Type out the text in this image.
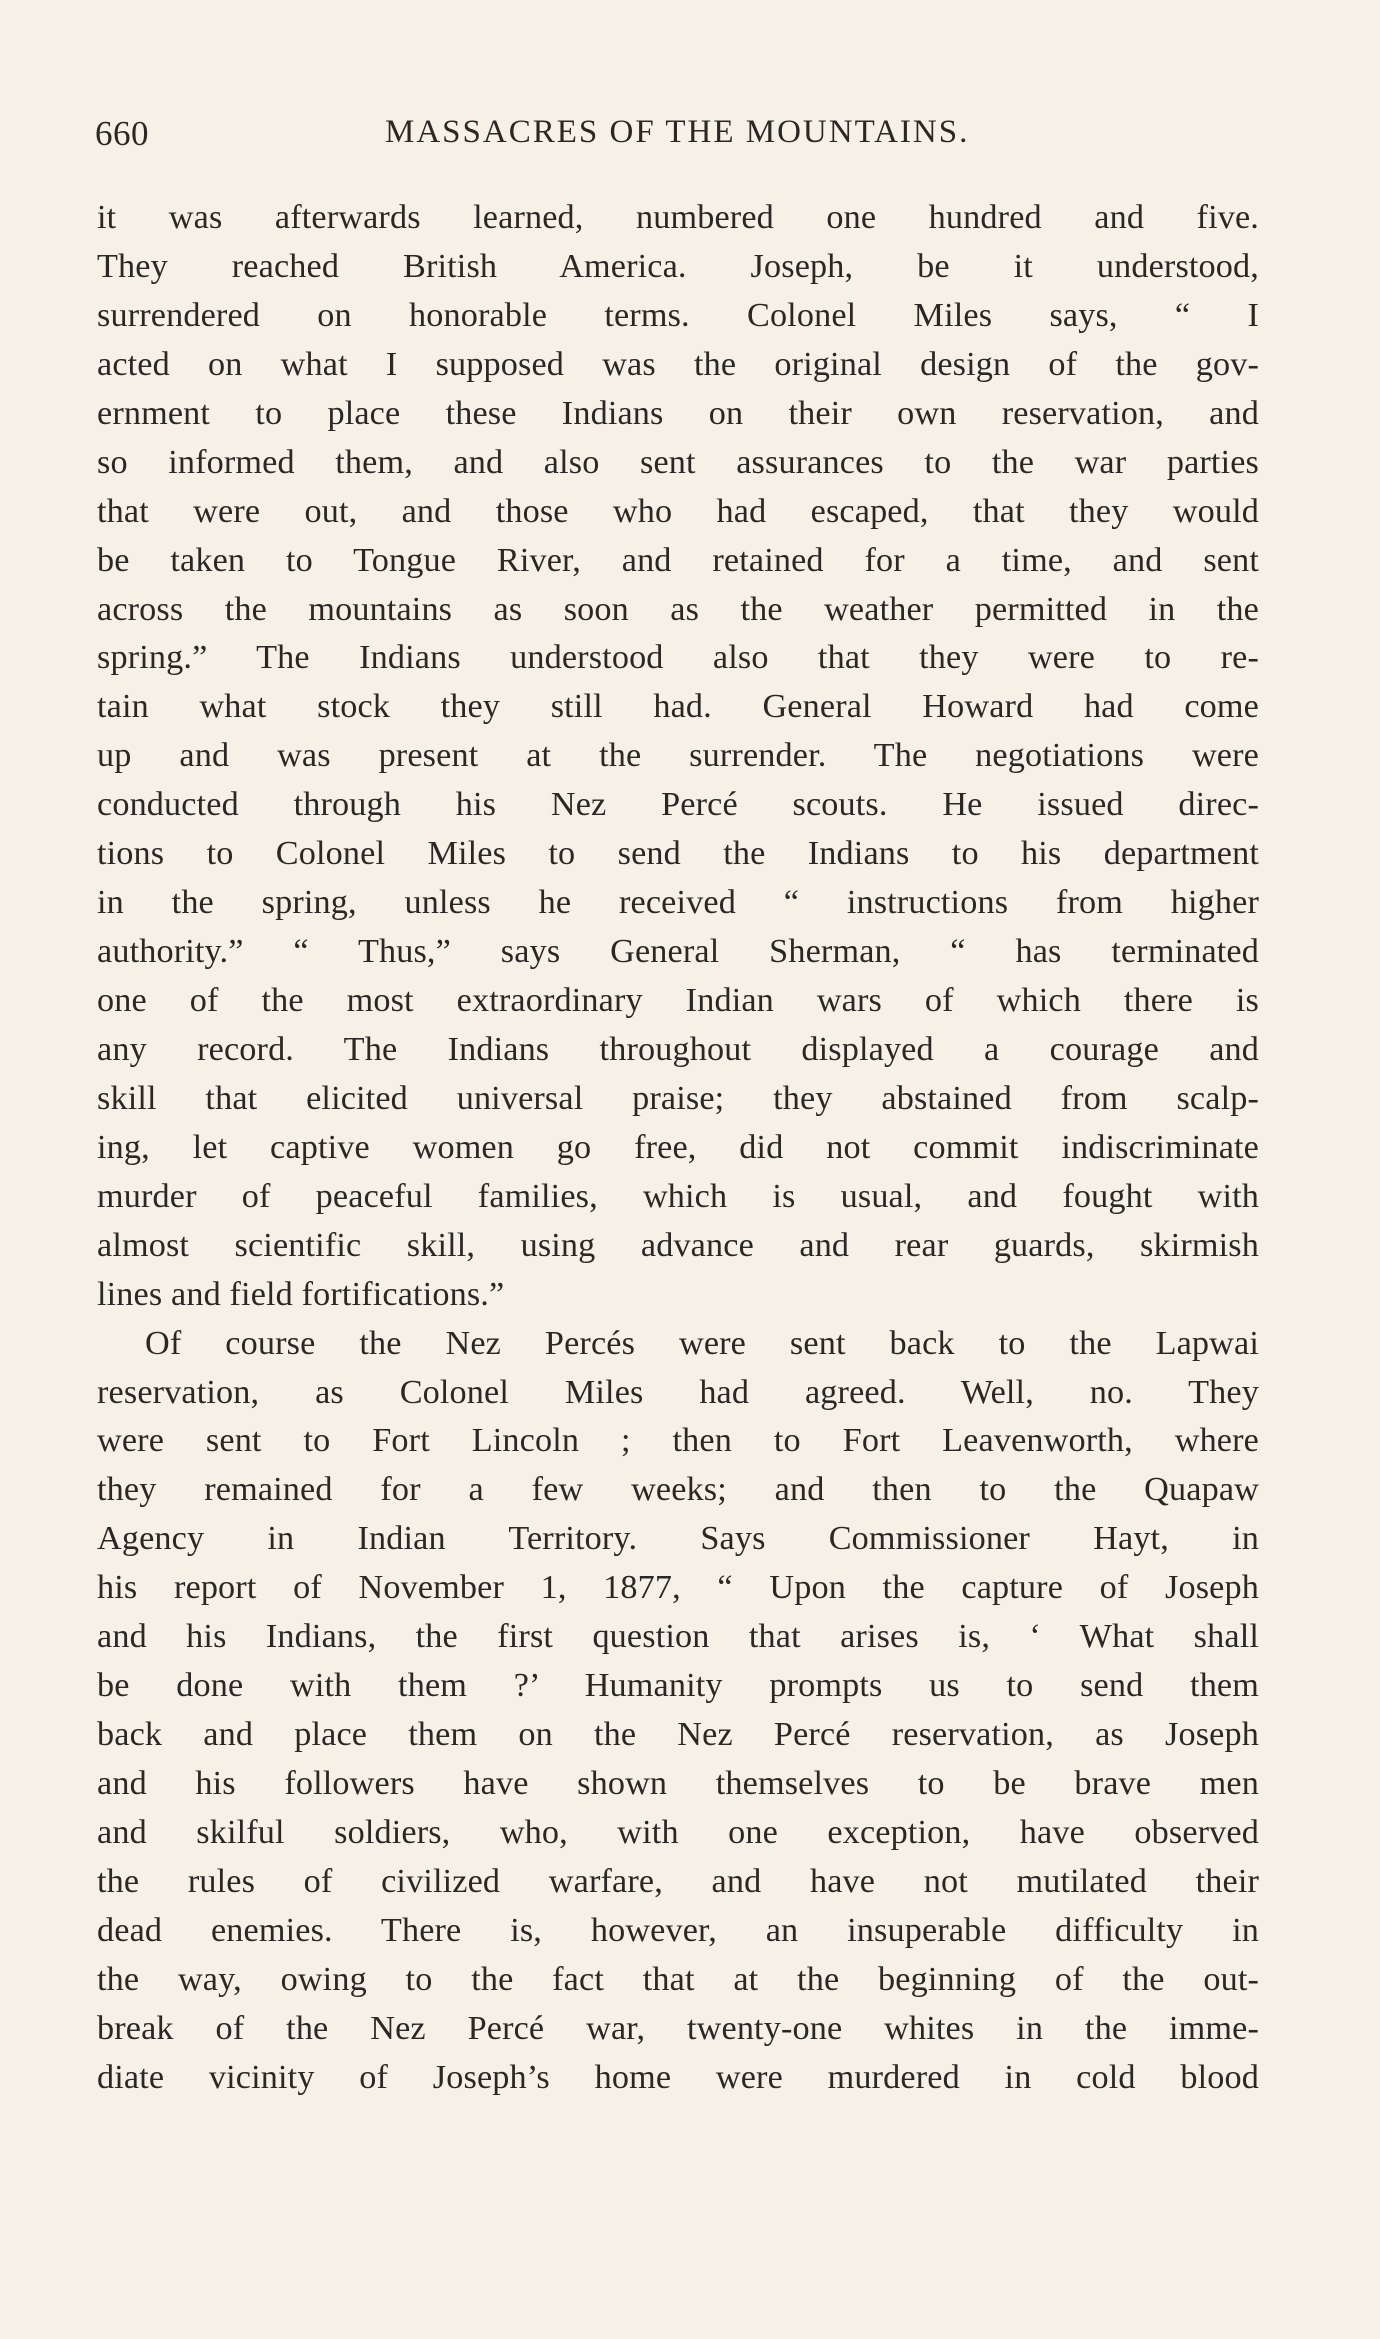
660	MASSACRES OF THE MOUNTAINS.
it was afterwards learned, numbered one hundred and five.
They reached British America. Joseph, be it understood,
surrendered on honorable terms. Colonel Miles says, “ I
acted on what I supposed was the original design of the gov-
ernment to place these Indians on their own reservation, and
so informed them, and also sent assurances to the war parties
that were out, and those who had escaped, that they would
be taken to Tongue River, and retained for a time, and sent
across the mountains as soon as the weather permitted in the
spring.” The Indians understood also that they were to re-
tain what stock they still had. General Howard had come
up and was present at the surrender. The negotiations were
conducted through his Nez Percé scouts. He issued direc-
tions to Colonel Miles to send the Indians to his department
in the spring, unless he received “ instructions from higher
authority.” “ Thus,” says General Sherman, “ has terminated
one of the most extraordinary Indian wars of which there is
any record. The Indians throughout displayed a courage and
skill that elicited universal praise; they abstained from scalp-
ing, let captive women go free, did not commit indiscriminate
murder of peaceful families, which is usual, and fought with
almost scientific skill, using advance and rear guards, skirmish
lines and field fortifications.”
Of course the Nez Percés were sent back to the Lapwai
reservation, as Colonel Miles had agreed. Well, no. They
were sent to Fort Lincoln ; then to Fort Leavenworth, where
they remained for a few weeks; and then to the Quapaw
Agency in Indian Territory. Says Commissioner Hayt, in
his report of November 1, 1877, “ Upon the capture of Joseph
and his Indians, the first question that arises is, ‘ What shall
be done with them ?’ Humanity prompts us to send them
back and place them on the Nez Percé reservation, as Joseph
and his followers have shown themselves to be brave men
and skilful soldiers, who, with one exception, have observed
the rules of civilized warfare, and have not mutilated their
dead enemies. There is, however, an insuperable difficulty in
the way, owing to the fact that at the beginning of the out-
break of the Nez Percé war, twenty-one whites in the imme-
diate vicinity of Joseph’s home were murdered in cold blood
